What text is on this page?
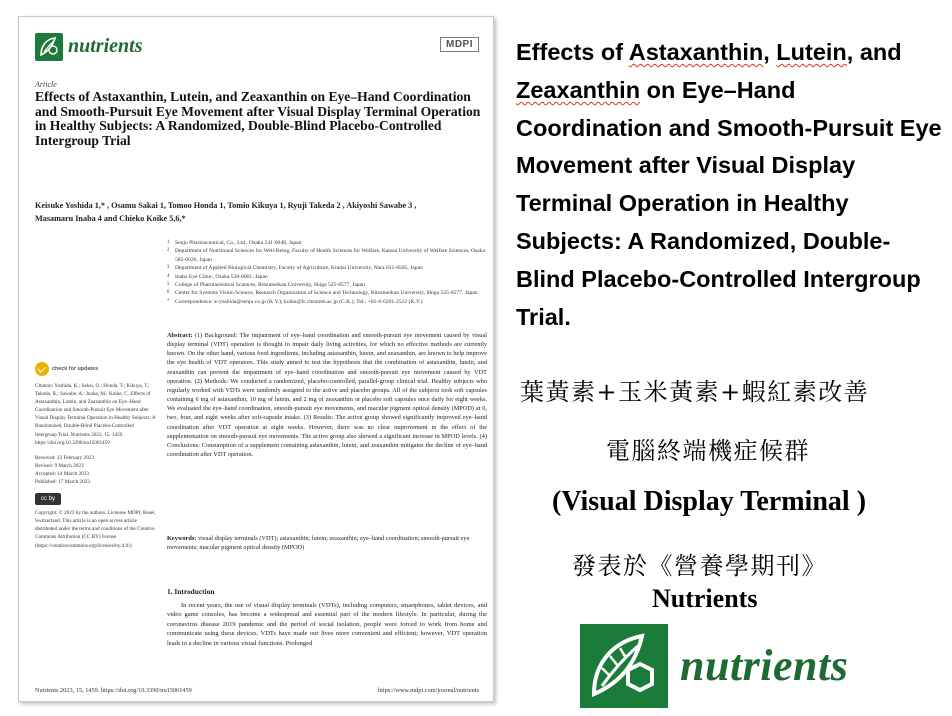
nutrients	MDPI
Article
Effects of Astaxanthin, Lutein, and Zeaxanthin on Eye–Hand Coordination and Smooth-Pursuit Eye Movement after Visual Display Terminal Operation in Healthy Subjects: A Randomized, Double-Blind Placebo-Controlled Intergroup Trial
Keisuke Yoshida 1,* , Osamu Sakai 1, Tomoo Honda 1, Tomio Kikuya 1, Ryuji Takeda 2 , Akiyoshi Sawabe 3 ,
Masamaru Inaba 4 and Chieko Koike 5,6,*
1 Senju Pharmaceutical, Co., Ltd., Osaka 541-0048, Japan
2 Department of Nutritional Sciences for Well-Being, Faculty of Health Sciences for Welfare, Kansai University of Welfare Sciences, Osaka 582-0026, Japan
3 Department of Applied Biological Chemistry, Faculty of Agriculture, Kindai University, Nara 631-8505, Japan
4 Inaba Eye Clinic, Osaka 530-0001, Japan
5 College of Pharmaceutical Sciences, Ritsumeikan University, Shiga 525-8577, Japan
6 Center for Systems Vision Science, Research Organization of Science and Technology, Ritsumeikan University, Shiga 525-8577, Japan
* Correspondence: k-yoshida@senju.co.jp (K.Y.); koike@fc.ritsumei.ac.jp (C.K.); Tel.: +81-6-6201-2512 (K.Y.)
Abstract: (1) Background: The impairment of eye–hand coordination and smooth-pursuit eye movement caused by visual display terminal (VDT) operation is thought to impair daily living activities, for which no effective methods are currently known. On the other hand, various food ingredients, including astaxanthin, lutein, and zeaxanthin, are known to help improve the eye health of VDT operators. This study aimed to test the hypothesis that the combination of astaxanthin, lutein, and zeaxanthin can prevent the impairment of eye–hand coordination and smooth-pursuit eye movement caused by VDT operation. (2) Methods: We conducted a randomized, placebo-controlled, parallel-group clinical trial. Healthy subjects who regularly worked with VDTs were randomly assigned to the active and placebo groups. All of the subjects took soft capsules containing 6 mg of astaxanthin, 10 mg of lutein, and 2 mg of zeaxanthin or placebo soft capsules once daily for eight weeks. We evaluated the eye–hand coordination, smooth-pursuit eye movements, and macular pigment optical density (MPOD) at 0, two, four, and eight weeks after soft-capsule intake. (3) Results: The active group showed significantly improved eye–hand coordination after VDT operation at eight weeks. However, there was no clear improvement in the effect of the supplementation on smooth-pursuit eye movements. The active group also showed a significant increase in MPOD levels. (4) Conclusions: Consumption of a supplement containing astaxanthin, lutein, and zeaxanthin mitigates the decline of eye–hand coordination after VDT operation.
Keywords: visual display terminals (VDT); astaxanthin; lutein; zeaxanthin; eye–hand coordination; smooth-pursuit eye movements; macular pigment optical density (MPOD)
1. Introduction
In recent years, the use of visual display terminals (VDTs), including computers, smartphones, tablet devices, and video game consoles, has become a widespread and essential part of the modern lifestyle. In particular, during the coronavirus disease 2019 pandemic and the period of social isolation, people were forced to work from home and communicate using these devices. VDTs have made our lives more convenient and efficient; however, VDT operation leads to a decline in various visual functions. Prolonged
check for updates
Citation: Yoshida, K.; Sakai, O.; Honda, T.; Kikuya, T.; Takeda, R.; Sawabe, A.; Inaba, M.; Koike, C. Effects of Astaxanthin, Lutein, and Zeaxanthin on Eye–Hand Coordination and Smooth-Pursuit Eye Movement after Visual Display Terminal Operation in Healthy Subjects: A Randomized, Double-Blind Placebo-Controlled Intergroup Trial. Nutrients 2023, 15, 1459. https://doi.org/10.3390/nu15061459
Received: 23 February 2023
Revised: 9 March 2023
Accepted: 14 March 2023
Published: 17 March 2023
cc by
Copyright: © 2023 by the authors. Licensee MDPI, Basel, Switzerland. This article is an open access article distributed under the terms and conditions of the Creative Commons Attribution (CC BY) license (https://creativecommons.org/licenses/by/4.0/).
Nutrients 2023, 15, 1459. https://doi.org/10.3390/nu15061459	https://www.mdpi.com/journal/nutrients
Effects of Astaxanthin, Lutein, and Zeaxanthin on Eye–Hand Coordination and Smooth-Pursuit Eye Movement after Visual Display Terminal Operation in Healthy Subjects: A Randomized, Double-Blind Placebo-Controlled Intergroup Trial.
葉黃素+玉米黃素+蝦紅素改善
電腦終端機症候群
(Visual Display Terminal )
發表於《營養學期刊》
Nutrients
nutrients
